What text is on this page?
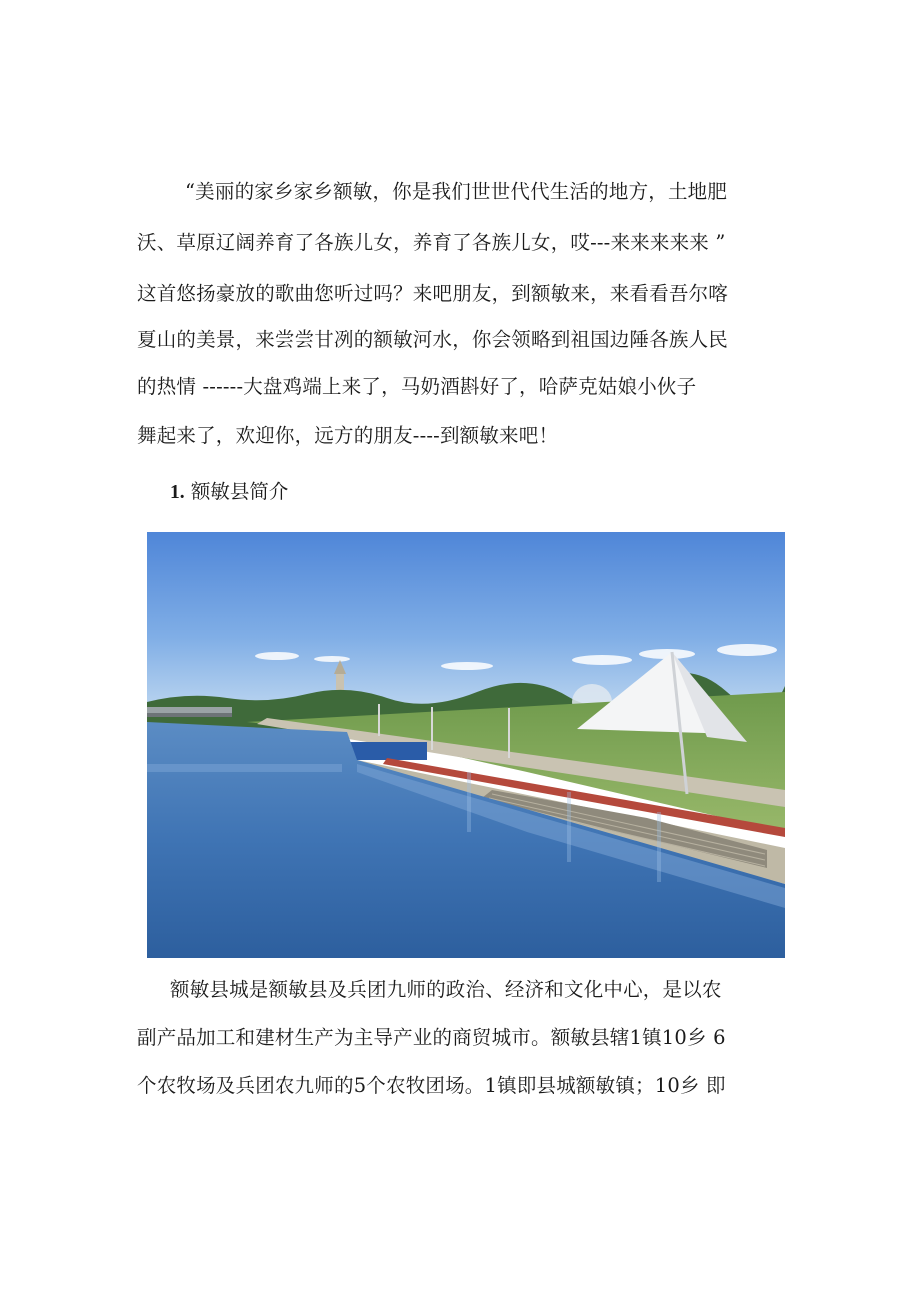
“美丽的家乡家乡额敏，你是我们世世代代生活的地方，土地肥
沃、草原辽阔养育了各族儿女，养育了各族儿女，哎---来来来来来 ”
这首悠扬豪放的歌曲您听过吗？来吧朋友，到额敏来，来看看吾尔喀
夏山的美景，来尝尝甘冽的额敏河水，你会领略到祖国边陲各族人民
的热情 ------大盘鸡端上来了，马奶酒斟好了，哈萨克姑娘小伙子
舞起来了，欢迎你，远方的朋友----到额敏来吧！
1. 额敏县简介
额敏县城是额敏县及兵团九师的政治、经济和文化中心，是以农
副产品加工和建材生产为主导产业的商贸城市。额敏县辖1镇10乡 6
个农牧场及兵团农九师的5个农牧团场。1镇即县城额敏镇；10乡 即
